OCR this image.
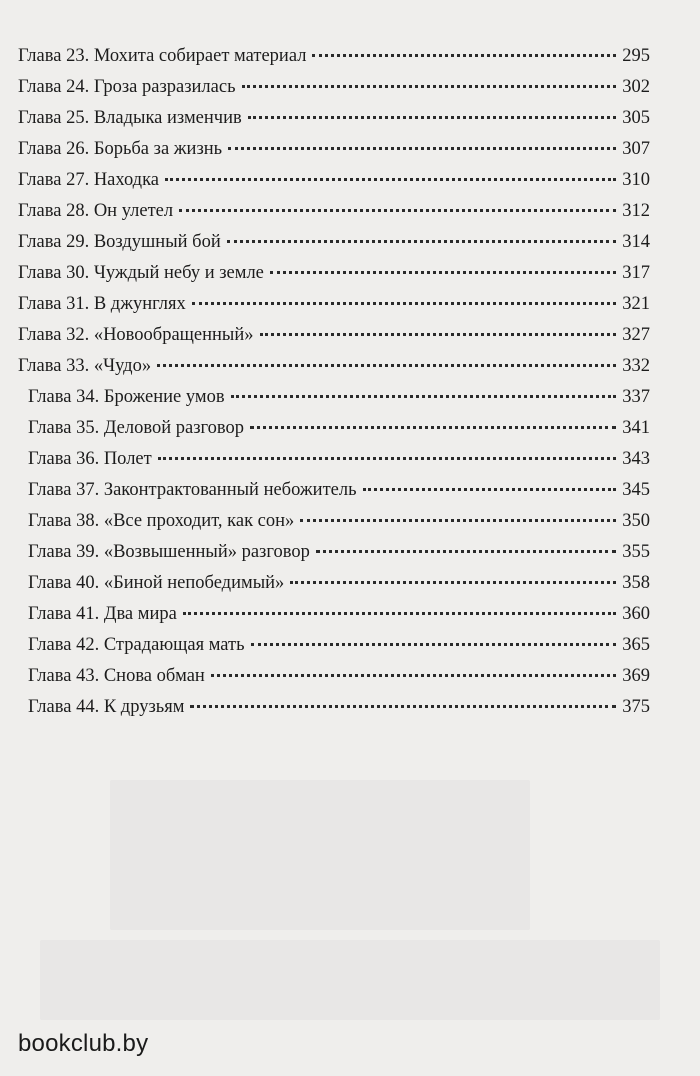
Глава 23. Мохита собирает материал	295
Глава 24. Гроза разразилась	302
Глава 25. Владыка изменчив	305
Глава 26. Борьба за жизнь	307
Глава 27. Находка	310
Глава 28. Он улетел	312
Глава 29. Воздушный бой	314
Глава 30. Чуждый небу и земле	317
Глава 31. В джунглях	321
Глава 32. «Новообращенный»	327
Глава 33. «Чудо»	332
Глава 34. Брожение умов	337
Глава 35. Деловой разговор	341
Глава 36. Полет	343
Глава 37. Законтрактованный небожитель	345
Глава 38. «Все проходит, как сон»	350
Глава 39. «Возвышенный» разговор	355
Глава 40. «Биной непобедимый»	358
Глава 41. Два мира	360
Глава 42. Страдающая мать	365
Глава 43. Снова обман	369
Глава 44. К друзьям	375
bookclub.by
